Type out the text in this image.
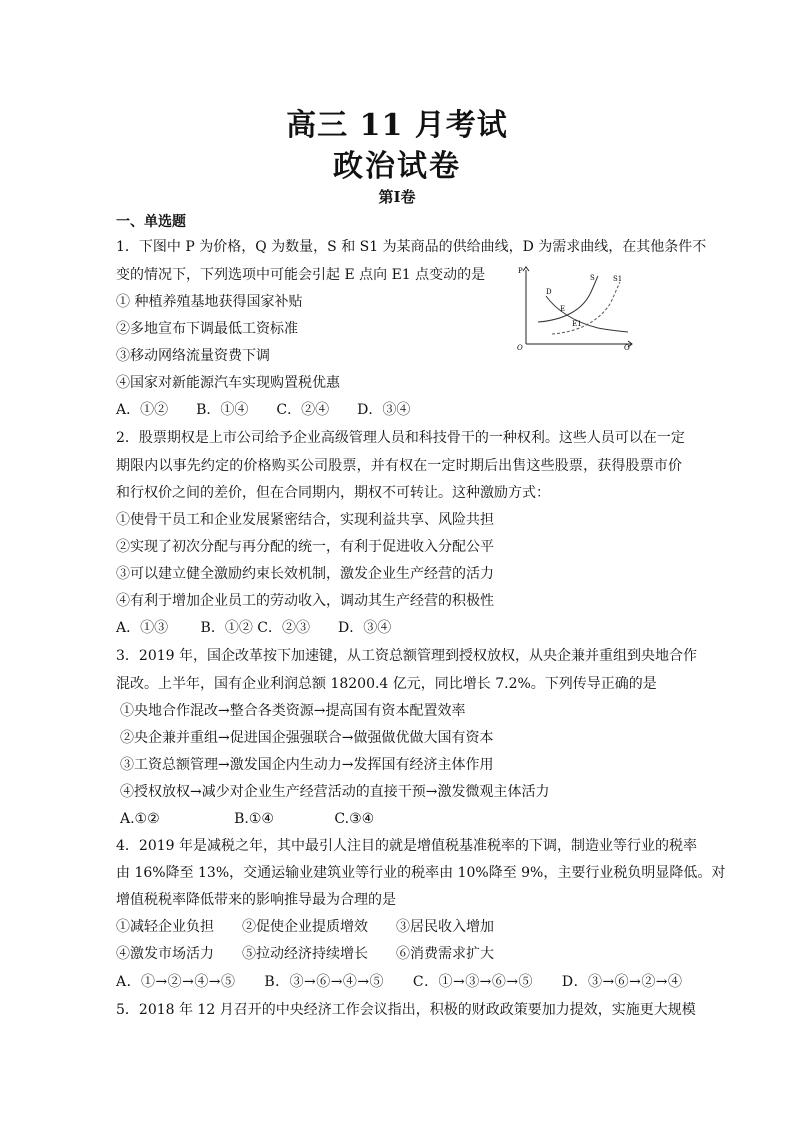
高三 11 月考试
政治试卷
第Ⅰ卷
一、单选题
1．下图中 P 为价格，Q 为数量，S 和 S1 为某商品的供给曲线，D 为需求曲线，在其他条件不
变的情况下，下列选项中可能会引起 E 点向 E1 点变动的是
① 种植养殖基地获得国家补贴
②多地宣布下调最低工资标准
③移动网络流量资费下调
④国家对新能源汽车实现购置税优惠
A．①②　　B．①④　　C．②④　　D．③④
P
Q
O
D
S	S1
E
E1
2．股票期权是上市公司给予企业高级管理人员和科技骨干的一种权利。这些人员可以在一定
期限内以事先约定的价格购买公司股票，并有权在一定时期后出售这些股票，获得股票市价
和行权价之间的差价，但在合同期内，期权不可转让。这种激励方式：
①使骨干员工和企业发展紧密结合，实现利益共享、风险共担
②实现了初次分配与再分配的统一，有利于促进收入分配公平
③可以建立健全激励约束长效机制，激发企业生产经营的活力
④有利于增加企业员工的劳动收入，调动其生产经营的积极性
A．①③　　 B．①② C．②③　　D．③④
3．2019 年，国企改革按下加速键，从工资总额管理到授权放权，从央企兼并重组到央地合作
混改。上半年，国有企业利润总额 18200.4 亿元，同比增长 7.2%。下列传导正确的是
①央地合作混改→整合各类资源→提高国有资本配置效率
②央企兼并重组→促进国企强强联合→做强做优做大国有资本
③工资总额管理→激发国企内生动力→发挥国有经济主体作用
④授权放权→减少对企业生产经营活动的直接干预→激发微观主体活力
A.①②　　　　　 B.①④　　　　 C.③④
4．2019 年是减税之年，其中最引人注目的就是增值税基准税率的下调，制造业等行业的税率
由 16%降至 13%，交通运输业建筑业等行业的税率由 10%降至 9%，主要行业税负明显降低。对
增值税税率降低带来的影响推导最为合理的是
①减轻企业负担　　②促使企业提质增效　　③居民收入增加
④激发市场活力　　⑤拉动经济持续增长　　⑥消费需求扩大
A．①→②→④→⑤　　B．③→⑥→④→⑤　　C．①→③→⑥→⑤　　D．③→⑥→②→④
5．2018 年 12 月召开的中央经济工作会议指出，积极的财政政策要加力提效，实施更大规模
